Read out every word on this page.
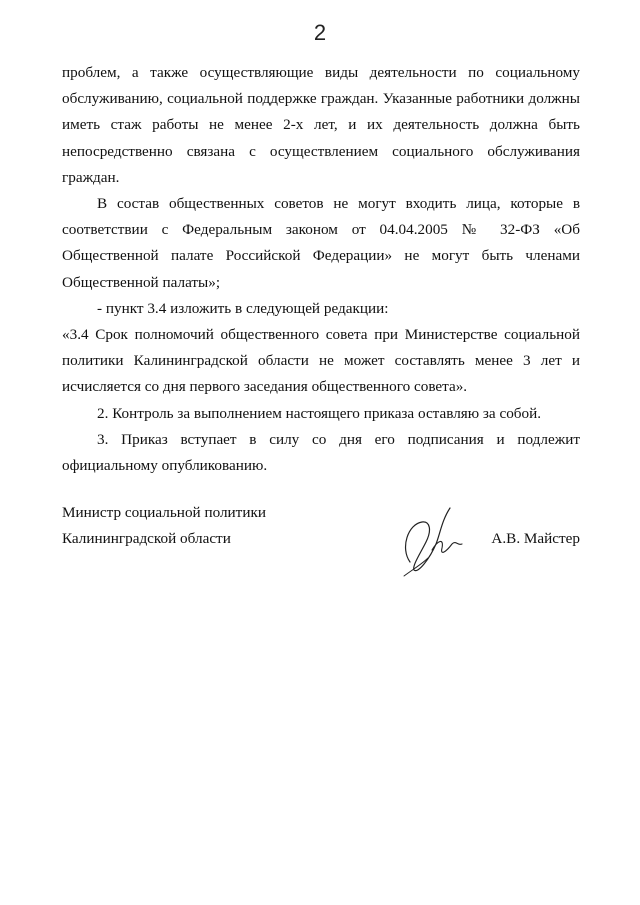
2

проблем, а также осуществляющие виды деятельности по социальному обслуживанию, социальной поддержке граждан. Указанные работники должны иметь стаж работы не менее 2-х лет, и их деятельность должна быть непосредственно связана с осуществлением социального обслуживания граждан.

В состав общественных советов не могут входить лица, которые в соответствии с Федеральным законом от 04.04.2005 № 32-ФЗ «Об Общественной палате Российской Федерации» не могут быть членами Общественной палаты»;

- пункт 3.4 изложить в следующей редакции:

«3.4 Срок полномочий общественного совета при Министерстве социальной политики Калининградской области не может составлять менее 3 лет и исчисляется со дня первого заседания общественного совета».

2. Контроль за выполнением настоящего приказа оставляю за собой.

3. Приказ вступает в силу со дня его подписания и подлежит официальному опубликованию.

Министр социальной политики
Калининградской области	А.В. Майстер
